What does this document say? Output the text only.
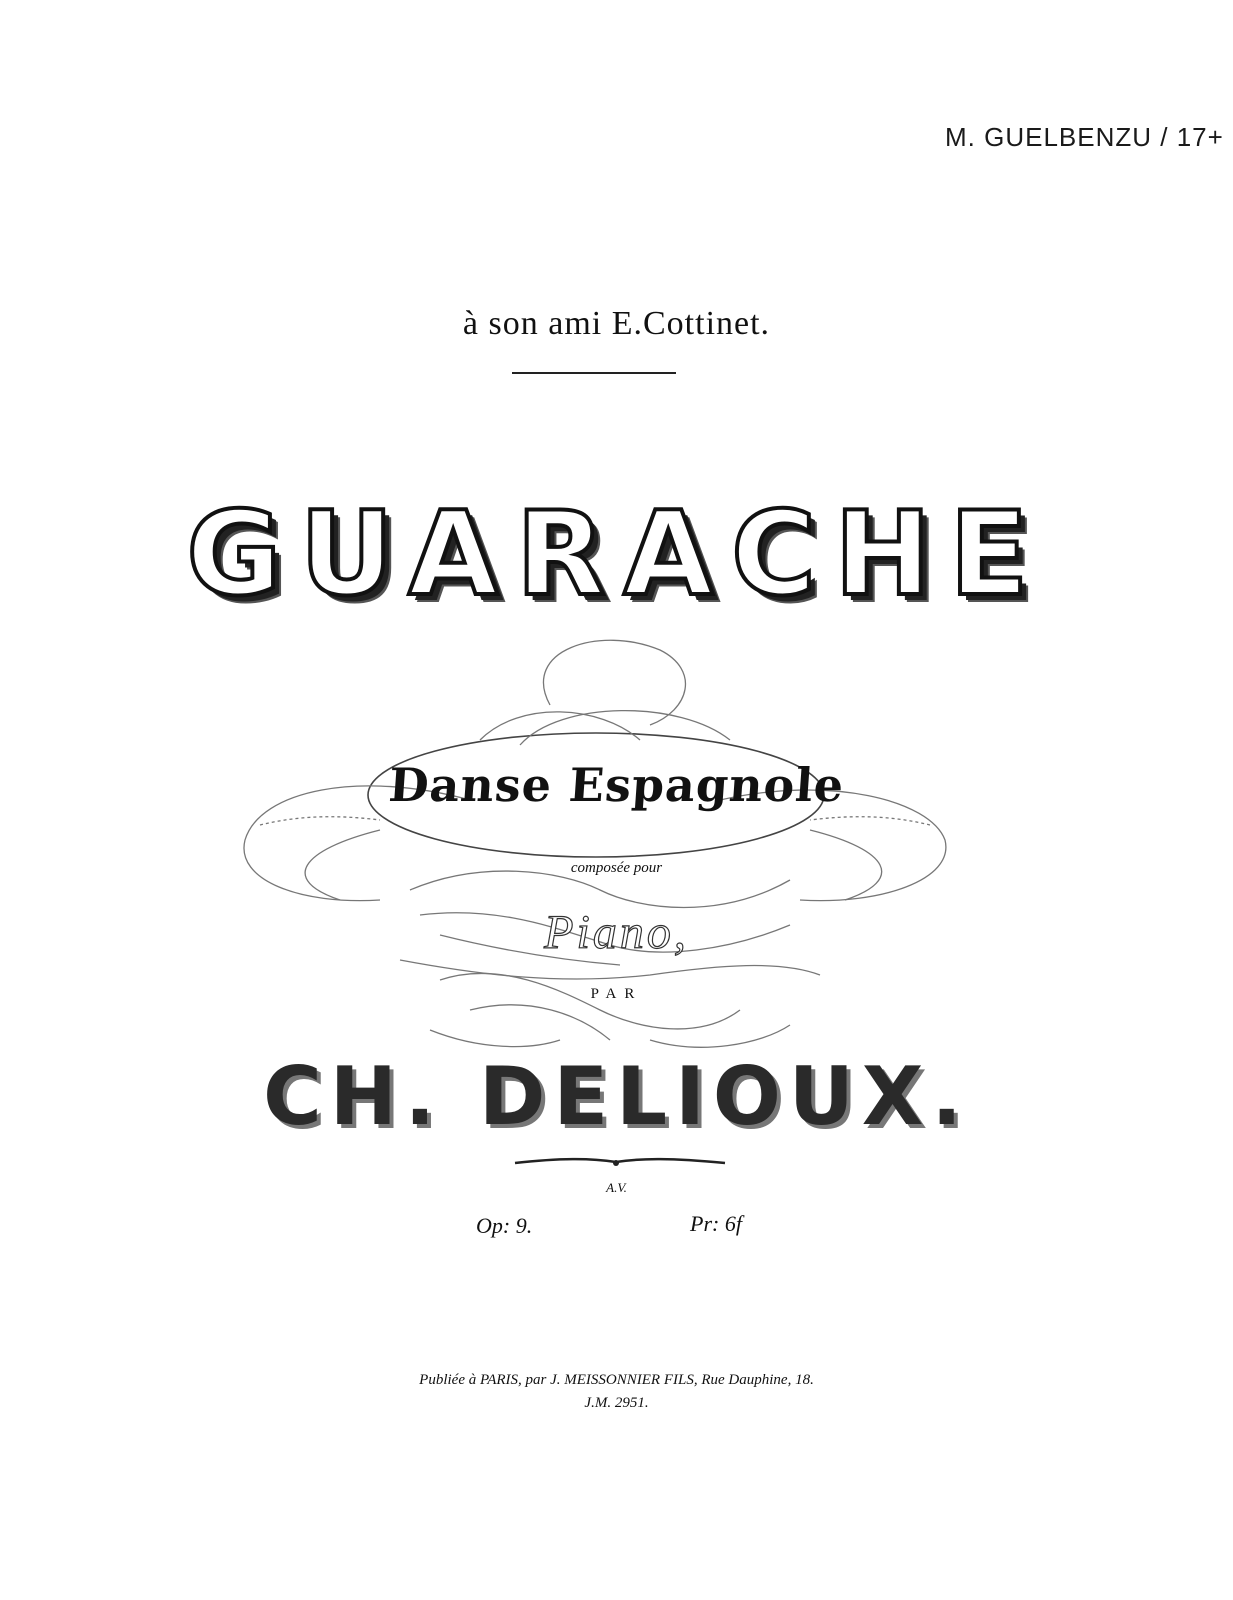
M. GUELBENZU / 17+
à son ami E.Cottinet.
GUARACHE
Danse Espagnole
composée pour
Piano,
PAR
CH. DELIOUX.
A.V.
Op: 9.	Pr: 6f
Publiée à PARIS, par J. MEISSONNIER FILS, Rue Dauphine, 18.
J.M. 2951.
